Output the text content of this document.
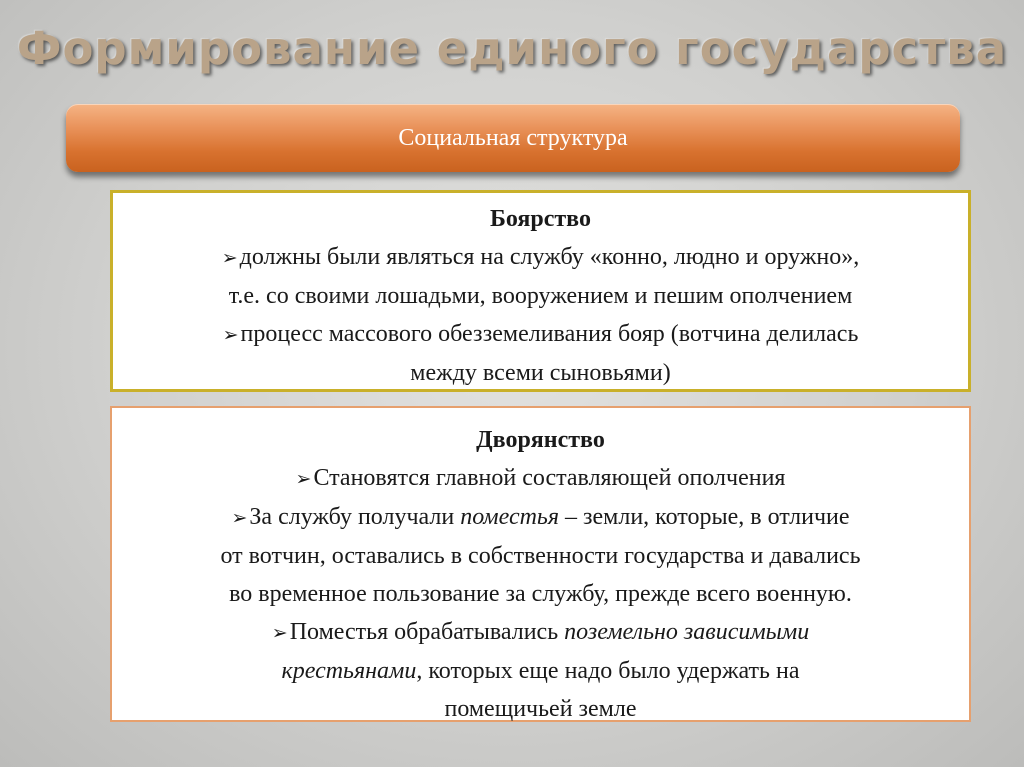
Формирование единого государства
Социальная структура

Боярство

➢должны были являться на службу «конно, людно и оружно»,

т.е. со своими лошадьми, вооружением и пешим ополчением

➢процесс массового обезземеливания бояр (вотчина делилась

между всеми сыновьями)

Дворянство

➢Становятся главной составляющей ополчения

➢За службу получали поместья – земли, которые, в отличие

от вотчин, оставались в собственности государства и давались

во временное пользование за службу, прежде всего военную.

➢Поместья обрабатывались поземельно зависимыми

крестьянами, которых еще надо было удержать на

помещичьей земле
